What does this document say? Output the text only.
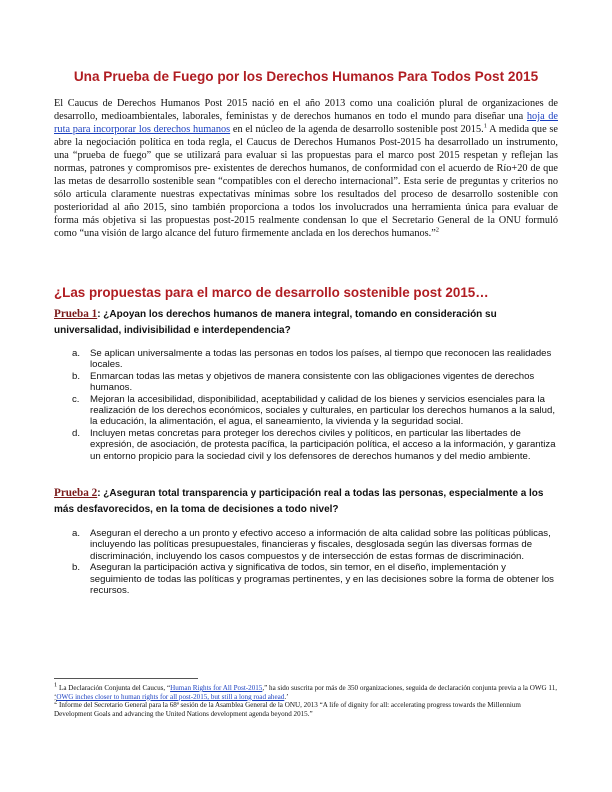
Una Prueba de Fuego por los Derechos Humanos Para Todos Post 2015

El Caucus de Derechos Humanos Post 2015 nació en el año 2013 como una coalición plural de organizaciones de desarrollo, medioambientales, laborales, feministas y de derechos humanos en todo el mundo para diseñar una hoja de ruta para incorporar los derechos humanos en el núcleo de la agenda de desarrollo sostenible post 2015.$^1$ A medida que se abre la negociación política en toda regla, el Caucus de Derechos Humanos Post-2015 ha desarrollado un instrumento, una “prueba de fuego” que se utilizará para evaluar si las propuestas para el marco post 2015 respetan y reflejan las normas, patrones y compromisos pre- existentes de derechos humanos, de conformidad con el acuerdo de Río+20 de que las metas de desarrollo sostenible sean “compatibles con el derecho internacional”. Esta serie de preguntas y criterios no sólo articula claramente nuestras expectativas mínimas sobre los resultados del proceso de desarrollo sostenible con posterioridad al año 2015, sino también proporciona a todos los involucrados una herramienta única para evaluar de forma más objetiva si las propuestas post-2015 realmente condensan lo que el Secretario General de la ONU formuló como “una visión de largo alcance del futuro firmemente anclada en los derechos humanos.”$^2$

¿Las propuestas para el marco de desarrollo sostenible post 2015…

Prueba 1: ¿Apoyan los derechos humanos de manera integral, tomando en consideración su universalidad, indivisibilidad e interdependencia?

a. Se aplican universalmente a todas las personas en todos los países, al tiempo que reconocen las realidades locales.
b. Enmarcan todas las metas y objetivos de manera consistente con las obligaciones vigentes de derechos humanos.
c. Mejoran la accesibilidad, disponibilidad, aceptabilidad y calidad de los bienes y servicios esenciales para la realización de los derechos económicos, sociales y culturales, en particular los derechos humanos a la salud, la educación, la alimentación, el agua, el saneamiento, la vivienda y la seguridad social.
d. Incluyen metas concretas para proteger los derechos civiles y políticos, en particular las libertades de expresión, de asociación, de protesta pacífica, la participación política, el acceso a la información, y garantiza un entorno propicio para la sociedad civil y los defensores de derechos humanos y del medio ambiente.

Prueba 2: ¿Aseguran total transparencia y participación real a todas las personas, especialmente a los más desfavorecidos, en la toma de decisiones a todo nivel?

a. Aseguran el derecho a un pronto y efectivo acceso a información de alta calidad sobre las políticas públicas, incluyendo las políticas presupuestales, financieras y fiscales, desglosada según las diversas formas de discriminación, incluyendo los casos compuestos y de intersección de estas formas de discriminación.
b. Aseguran la participación activa y significativa de todos, sin temor, en el diseño, implementación y seguimiento de todas las políticas y programas pertinentes, y en las decisiones sobre la forma de obtener los recursos.

$^1$ La Declaración Conjunta del Caucus, “Human Rights for All Post-2015,” ha sido suscrita por más de 350 organizaciones, seguida de declaración conjunta previa a la OWG 11, ‘OWG inches closer to human rights for all post-2015, but still a long road ahead.’

$^2$ Informe del Secretario General para la 68ª sesión de la Asamblea General de la ONU, 2013 “A life of dignity for all: accelerating progress towards the Millennium Development Goals and advancing the United Nations development agenda beyond 2015.”
